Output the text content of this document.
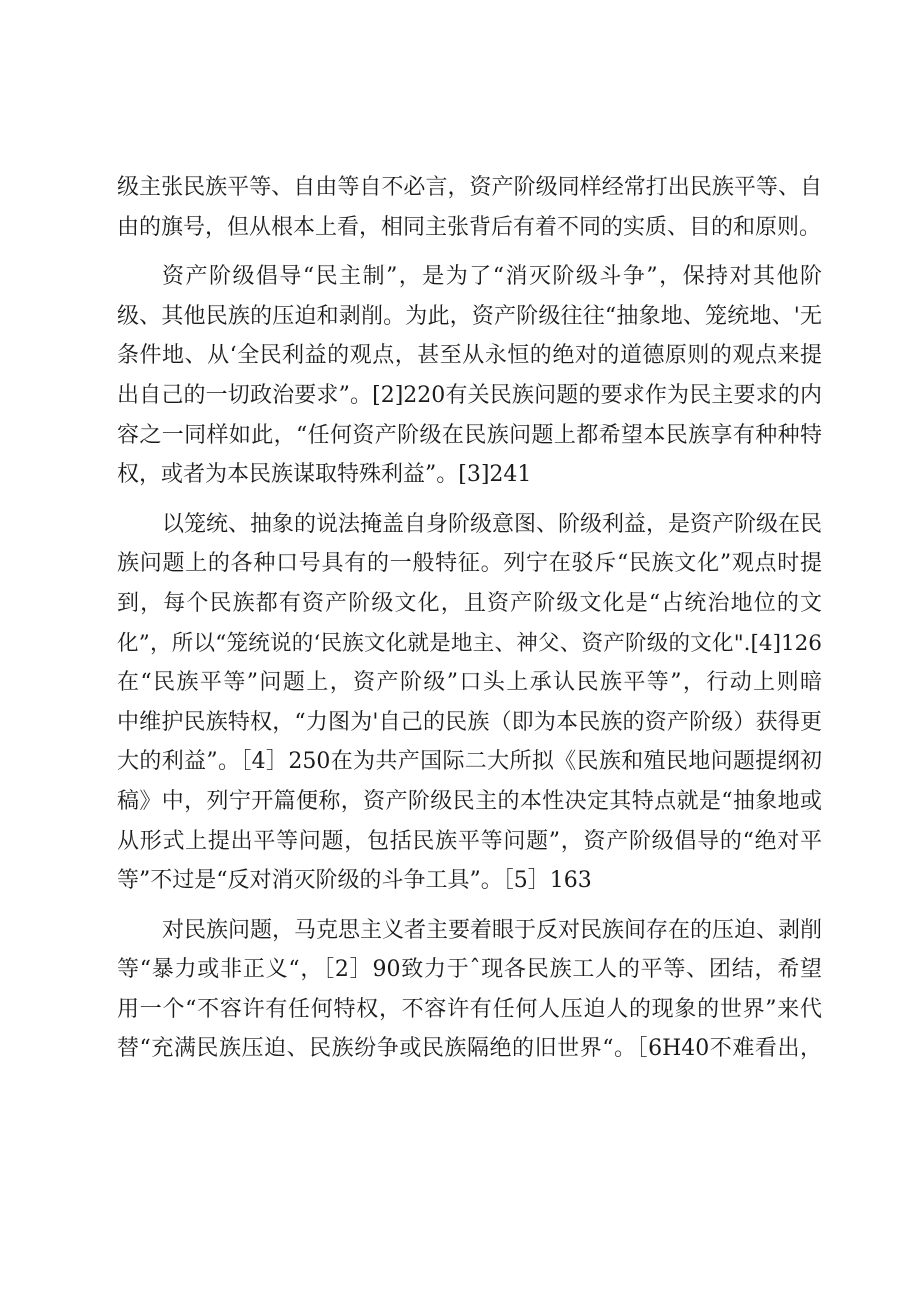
级主张民族平等、自由等自不必言，资产阶级同样经常打出民族平等、自
由的旗号，但从根本上看，相同主张背后有着不同的实质、目的和原则。
资产阶级倡导“民主制”，是为了“消灭阶级斗争”，保持对其他阶
级、其他民族的压迫和剥削。为此，资产阶级往往“抽象地、笼统地、'无
条件地、从‘全民利益的观点，甚至从永恒的绝对的道德原则的观点来提
出自己的一切政治要求”。[2]220有关民族问题的要求作为民主要求的内
容之一同样如此，“任何资产阶级在民族问题上都希望本民族享有种种特
权，或者为本民族谋取特殊利益”。[3]241
以笼统、抽象的说法掩盖自身阶级意图、阶级利益，是资产阶级在民
族问题上的各种口号具有的一般特征。列宁在驳斥“民族文化”观点时提
到，每个民族都有资产阶级文化，且资产阶级文化是“占统治地位的文
化”，所以“笼统说的‘民族文化就是地主、神父、资产阶级的文化".[4]126
在“民族平等”问题上，资产阶级”口头上承认民族平等”，行动上则暗
中维护民族特权，“力图为'自己的民族（即为本民族的资产阶级）获得更
大的利益”。［4］250在为共产国际二大所拟《民族和殖民地问题提纲初
稿》中，列宁开篇便称，资产阶级民主的本性决定其特点就是“抽象地或
从形式上提出平等问题，包括民族平等问题”，资产阶级倡导的“绝对平
等”不过是“反对消灭阶级的斗争工具”。［5］163
对民族问题，马克思主义者主要着眼于反对民族间存在的压迫、剥削
等“暴力或非正义“，［2］90致力于ˆ现各民族工人的平等、团结，希望
用一个“不容许有任何特权，不容许有任何人压迫人的现象的世界”来代
替“充满民族压迫、民族纷争或民族隔绝的旧世界“。［6H40不难看出，
